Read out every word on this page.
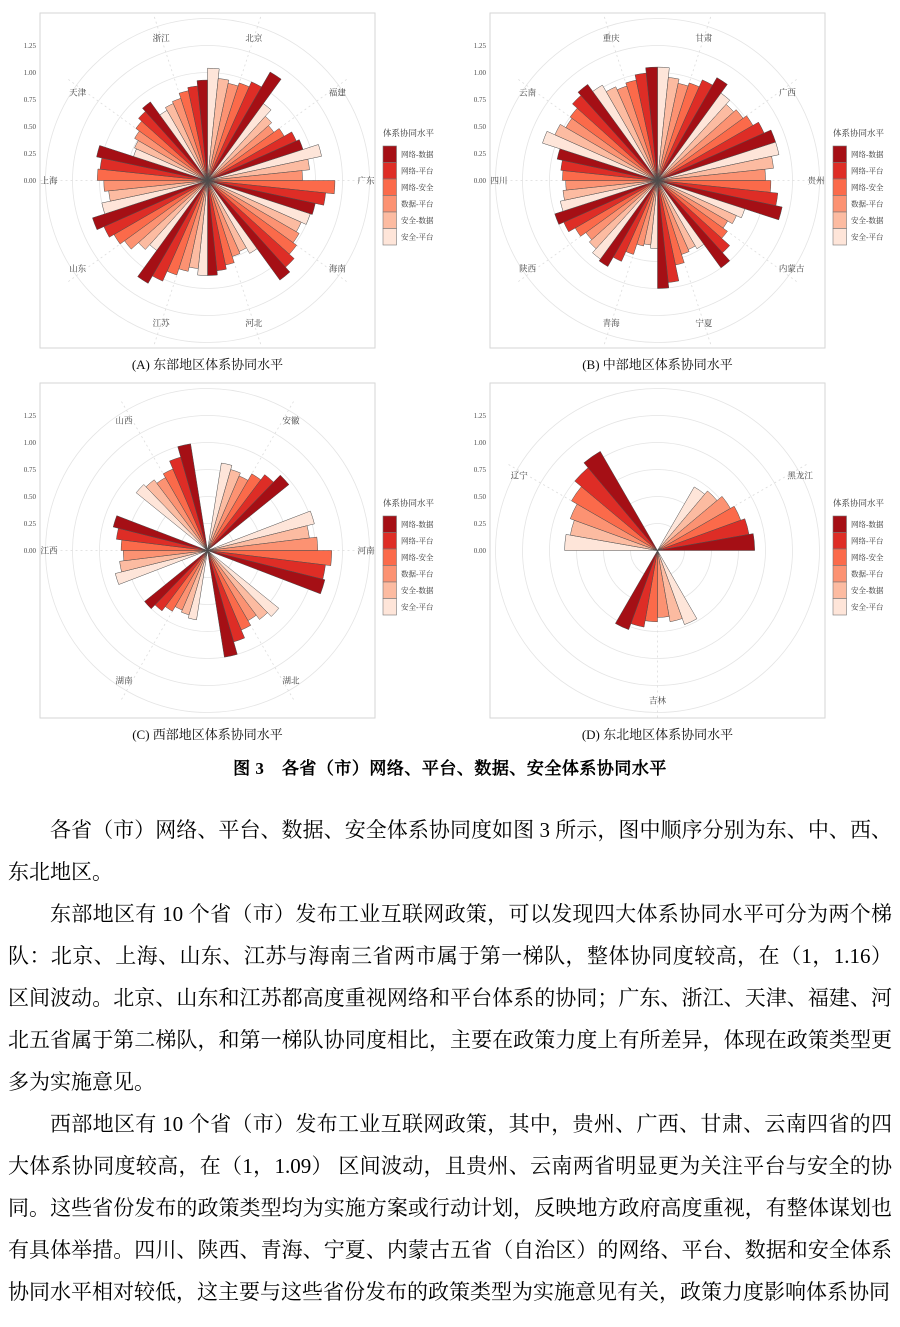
北京
福建
广东
海南
河北
江苏
山东
上海
天津
浙江
0.00
0.25
0.50
0.75
1.00
1.25
体系协同水平
网络-数据
网络-平台
网络-安全
数据-平台
安全-数据
安全-平台
(A) 东部地区体系协同水平
甘肃
广西
贵州
内蒙古
宁夏
青海
陕西
四川
云南
重庆
0.00
0.25
0.50
0.75
1.00
1.25
体系协同水平
网络-数据
网络-平台
网络-安全
数据-平台
安全-数据
安全-平台
(B) 中部地区体系协同水平
安徽
河南
湖北
湖南
江西
山西
0.00
0.25
0.50
0.75
1.00
1.25
体系协同水平
网络-数据
网络-平台
网络-安全
数据-平台
安全-数据
安全-平台
(C) 西部地区体系协同水平
黑龙江
吉林
辽宁
0.00
0.25
0.50
0.75
1.00
1.25
体系协同水平
网络-数据
网络-平台
网络-安全
数据-平台
安全-数据
安全-平台
(D) 东北地区体系协同水平

图 3　各省（市）网络、平台、数据、安全体系协同水平

各省（市）网络、平台、数据、安全体系协同度如图 3 所示，图中顺序分别为东、中、西、东北地区。

东部地区有 10 个省（市）发布工业互联网政策，可以发现四大体系协同水平可分为两个梯队：北京、上海、山东、江苏与海南三省两市属于第一梯队，整体协同度较高，在（1，1.16）区间波动。北京、山东和江苏都高度重视网络和平台体系的协同；广东、浙江、天津、福建、河北五省属于第二梯队，和第一梯队协同度相比，主要在政策力度上有所差异，体现在政策类型更多为实施意见。

西部地区有 10 个省（市）发布工业互联网政策，其中，贵州、广西、甘肃、云南四省的四大体系协同度较高，在（1，1.09） 区间波动，且贵州、云南两省明显更为关注平台与安全的协同。这些省份发布的政策类型均为实施方案或行动计划，反映地方政府高度重视，有整体谋划也有具体举措。四川、陕西、青海、宁夏、内蒙古五省（自治区）的网络、平台、数据和安全体系协同水平相对较低，这主要与这些省份发布的政策类型为实施意见有关，政策力度影响体系协同
